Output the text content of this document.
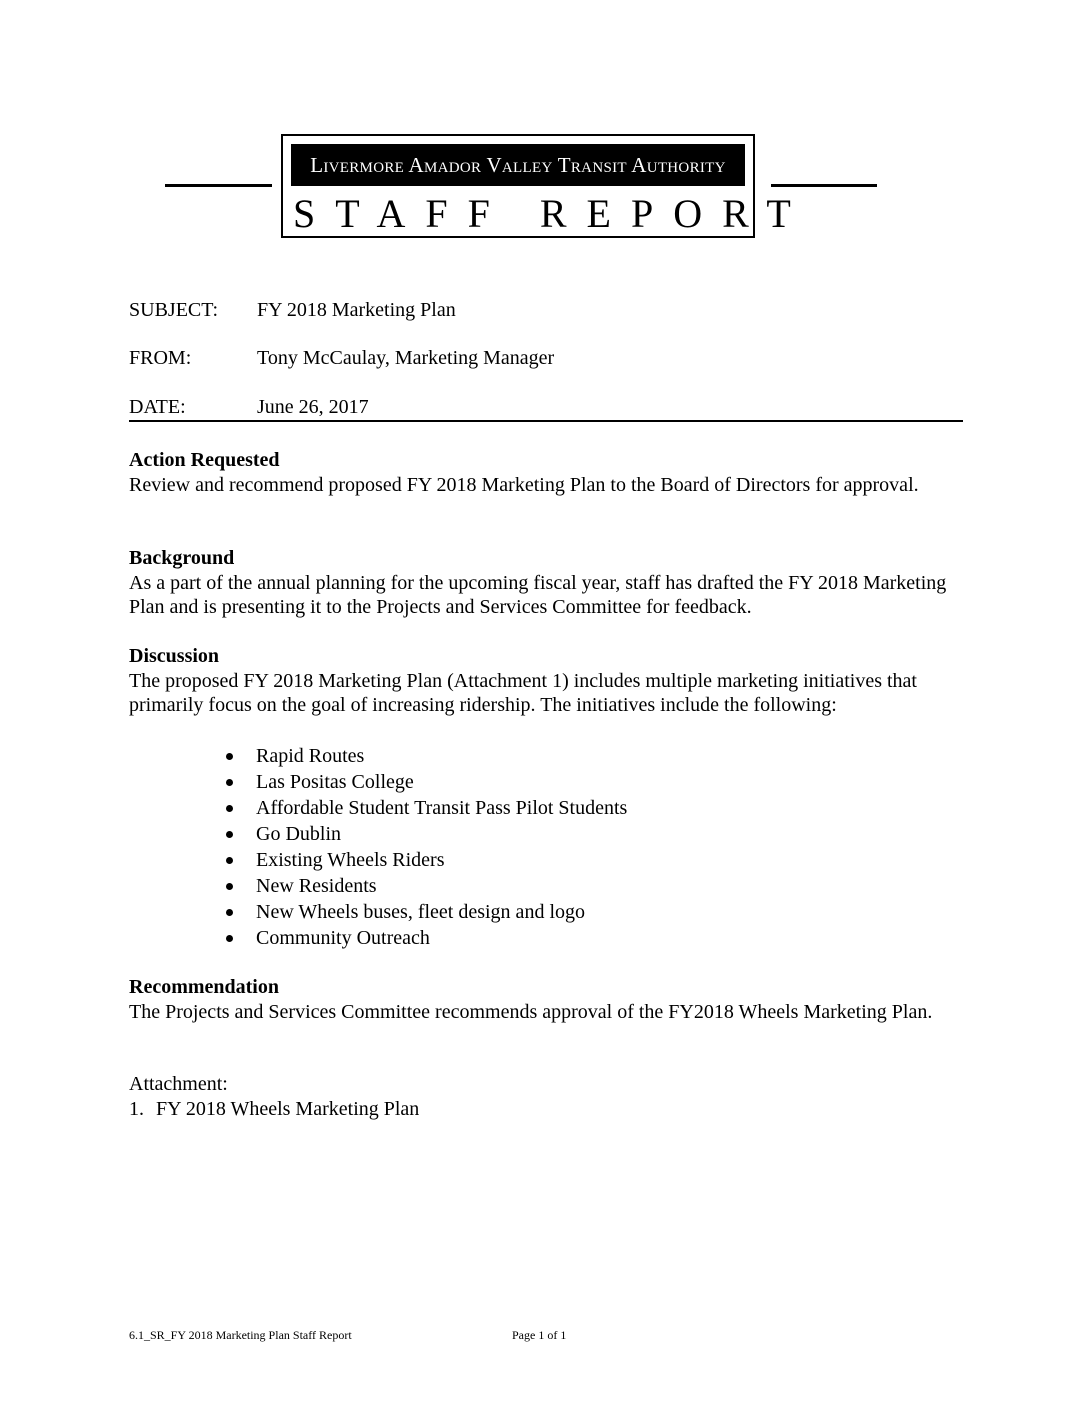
Livermore Amador Valley Transit Authority
STAFF REPORT
SUBJECT: FY 2018 Marketing Plan
FROM:	Tony McCaulay, Marketing Manager
DATE:	June 26, 2017
Action Requested

Review and recommend proposed FY 2018 Marketing Plan to the Board of Directors for approval.

Background

As a part of the annual planning for the upcoming fiscal year, staff has drafted the FY 2018 Marketing Plan and is presenting it to the Projects and Services Committee for feedback.

Discussion

The proposed FY 2018 Marketing Plan (Attachment 1) includes multiple marketing initiatives that primarily focus on the goal of increasing ridership. The initiatives include the following:

Rapid Routes
Las Positas College
Affordable Student Transit Pass Pilot Students
Go Dublin
Existing Wheels Riders
New Residents
New Wheels buses, fleet design and logo
Community Outreach
Recommendation

The Projects and Services Committee recommends approval of the FY2018 Wheels Marketing Plan.

Attachment:
1. FY 2018 Wheels Marketing Plan
6.1_SR_FY 2018 Marketing Plan Staff Report	Page 1 of 1
